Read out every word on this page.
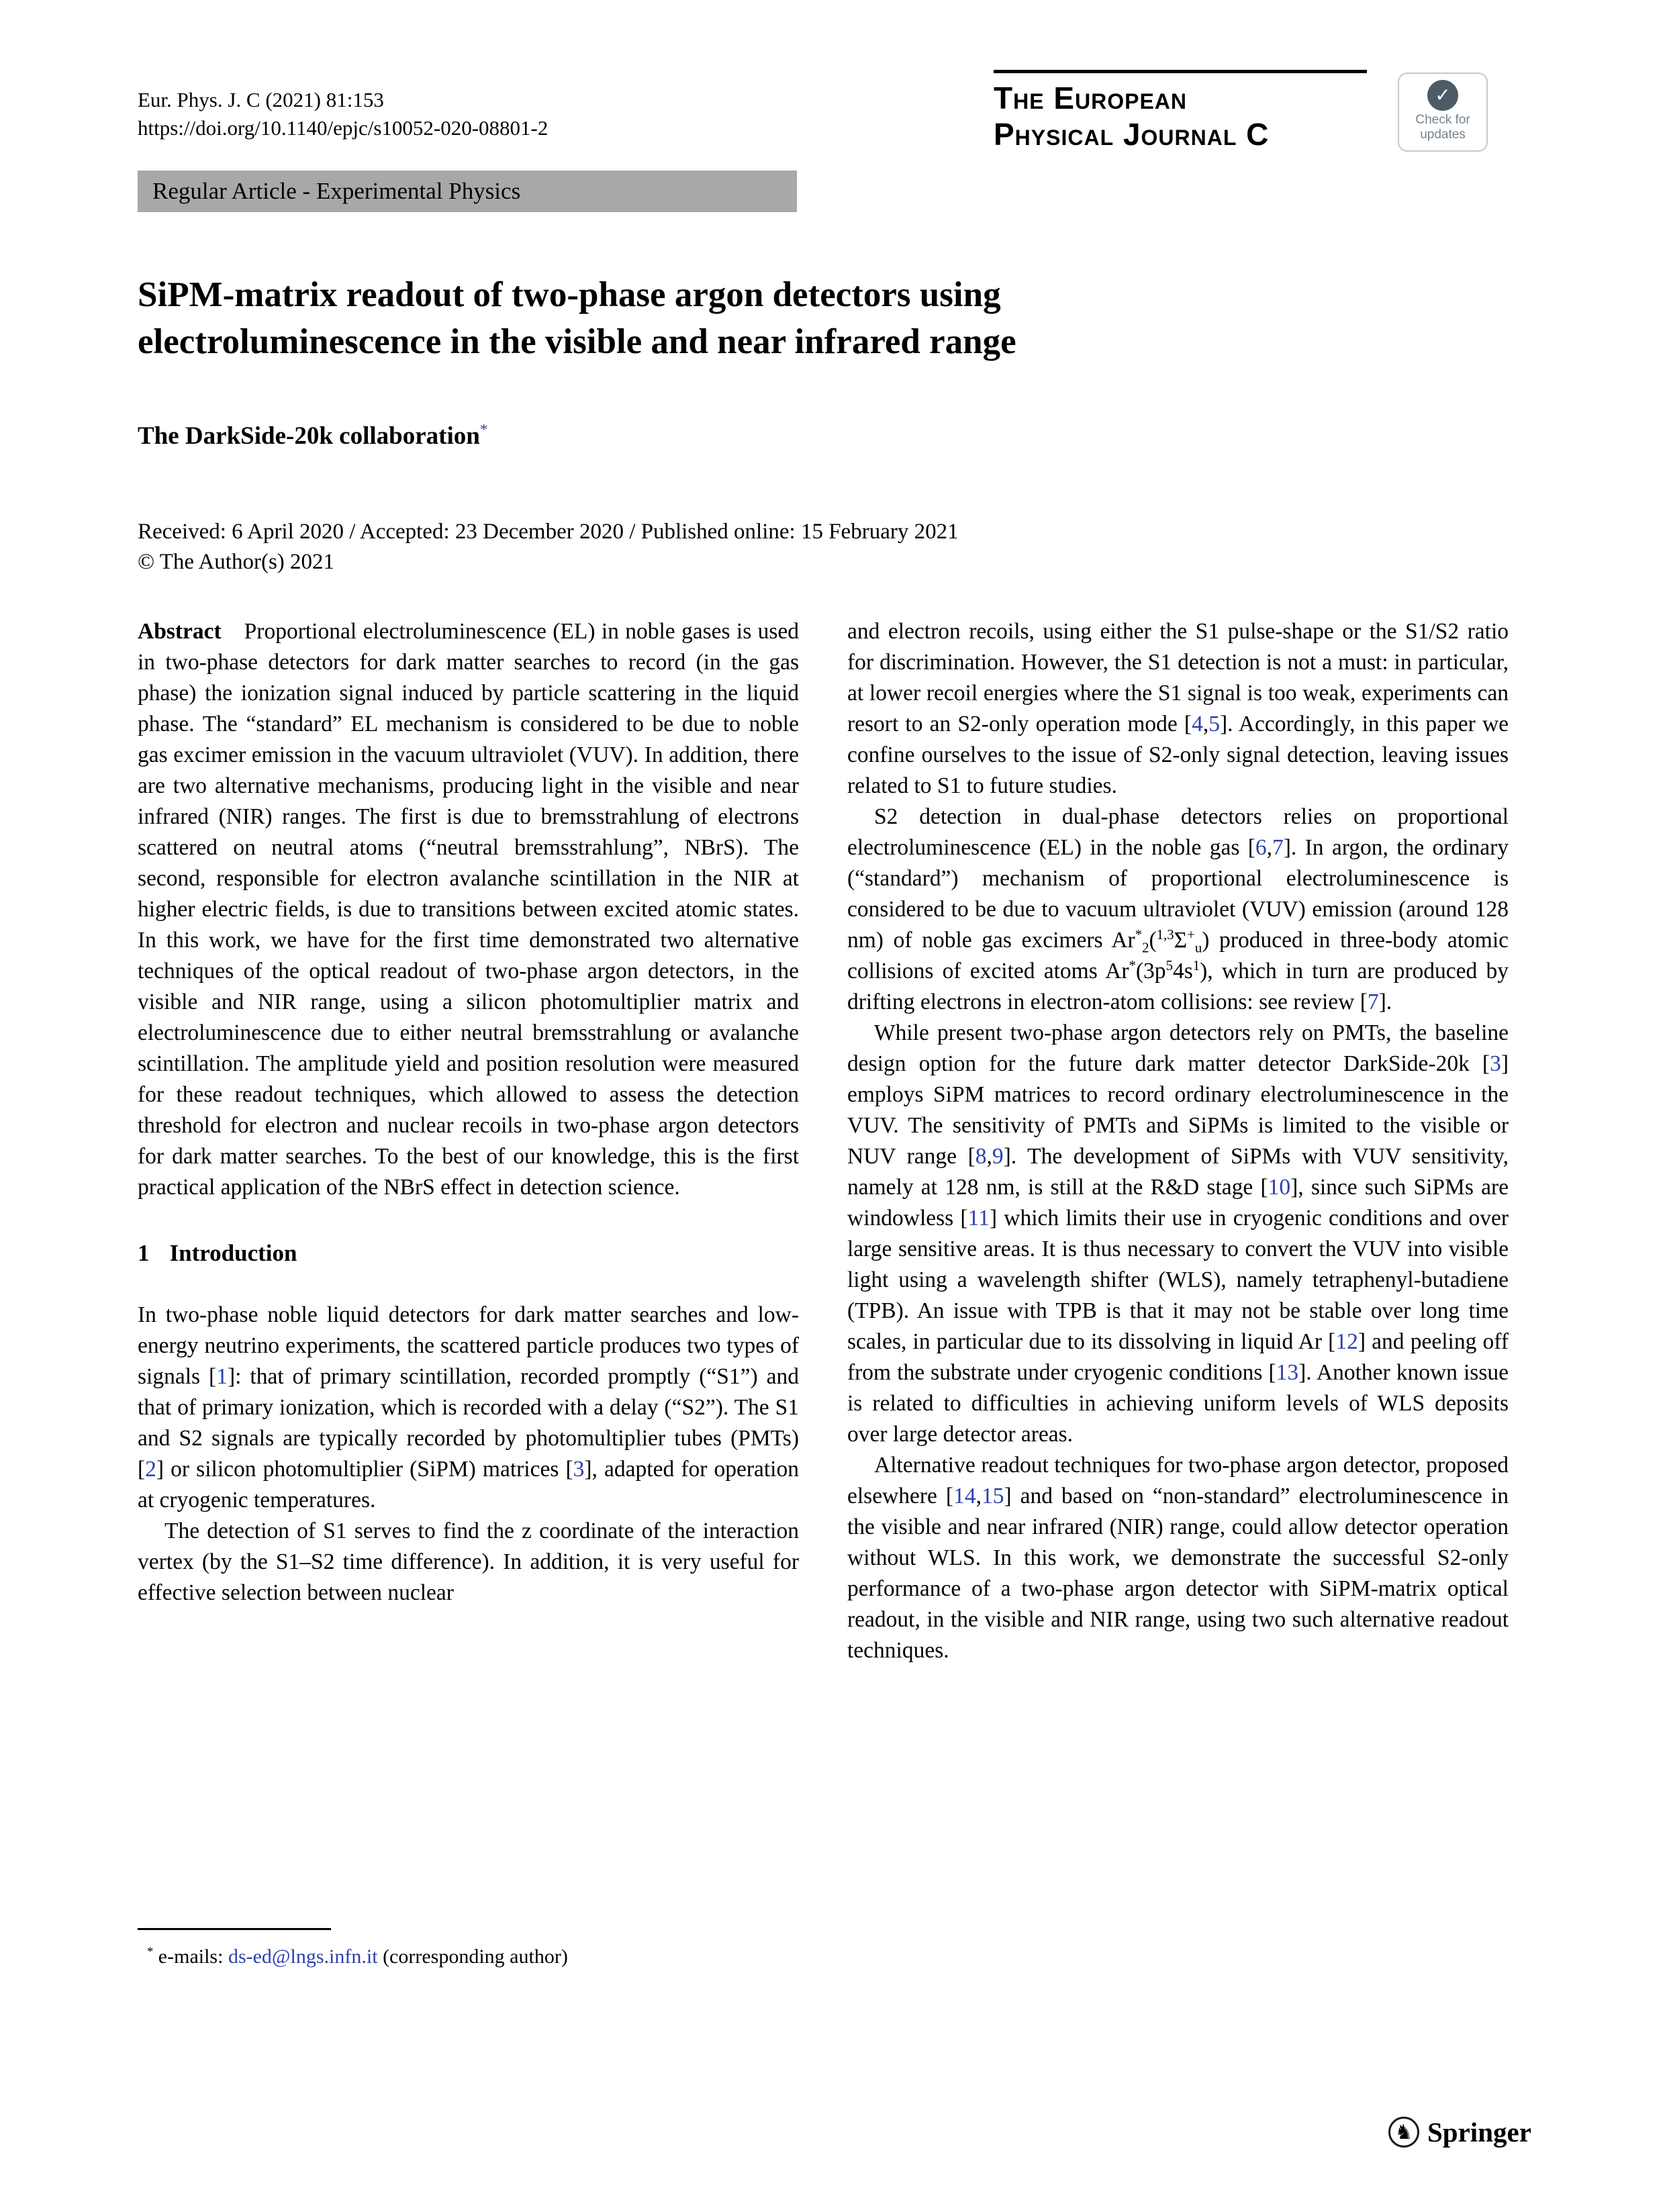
Eur. Phys. J. C (2021) 81:153
https://doi.org/10.1140/epjc/s10052-020-08801-2
The European
Physical Journal C
✓
Check for
updates
Regular Article - Experimental Physics
SiPM-matrix readout of two-phase argon detectors using
electroluminescence in the visible and near infrared range
The DarkSide-20k collaboration*
Received: 6 April 2020 / Accepted: 23 December 2020 / Published online: 15 February 2021
© The Author(s) 2021

Abstract Proportional electroluminescence (EL) in noble gases is used in two-phase detectors for dark matter searches to record (in the gas phase) the ionization signal induced by particle scattering in the liquid phase. The “standard” EL mechanism is considered to be due to noble gas excimer emission in the vacuum ultraviolet (VUV). In addition, there are two alternative mechanisms, producing light in the visible and near infrared (NIR) ranges. The first is due to bremsstrahlung of electrons scattered on neutral atoms (“neutral bremsstrahlung”, NBrS). The second, responsible for electron avalanche scintillation in the NIR at higher electric fields, is due to transitions between excited atomic states. In this work, we have for the first time demonstrated two alternative techniques of the optical readout of two-phase argon detectors, in the visible and NIR range, using a silicon photomultiplier matrix and electroluminescence due to either neutral bremsstrahlung or avalanche scintillation. The amplitude yield and position resolution were measured for these readout techniques, which allowed to assess the detection threshold for electron and nuclear recoils in two-phase argon detectors for dark matter searches. To the best of our knowledge, this is the first practical application of the NBrS effect in detection science.

1 Introduction

In two-phase noble liquid detectors for dark matter searches and low-energy neutrino experiments, the scattered particle produces two types of signals [1]: that of primary scintillation, recorded promptly (“S1”) and that of primary ionization, which is recorded with a delay (“S2”). The S1 and S2 signals are typically recorded by photomultiplier tubes (PMTs) [2] or silicon photomultiplier (SiPM) matrices [3], adapted for operation at cryogenic temperatures.

The detection of S1 serves to find the z coordinate of the interaction vertex (by the S1–S2 time difference). In addition, it is very useful for effective selection between nuclear

and electron recoils, using either the S1 pulse-shape or the S1/S2 ratio for discrimination. However, the S1 detection is not a must: in particular, at lower recoil energies where the S1 signal is too weak, experiments can resort to an S2-only operation mode [4,5]. Accordingly, in this paper we confine ourselves to the issue of S2-only signal detection, leaving issues related to S1 to future studies.

S2 detection in dual-phase detectors relies on proportional electroluminescence (EL) in the noble gas [6,7]. In argon, the ordinary (“standard”) mechanism of proportional electroluminescence is considered to be due to vacuum ultraviolet (VUV) emission (around 128 nm) of noble gas excimers $Ar^*_2(^{1,3}\Sigma^+_u)$ produced in three-body atomic collisions of excited atoms $Ar^*(3p^54s^1)$, which in turn are produced by drifting electrons in electron-atom collisions: see review [7].

While present two-phase argon detectors rely on PMTs, the baseline design option for the future dark matter detector DarkSide-20k [3] employs SiPM matrices to record ordinary electroluminescence in the VUV. The sensitivity of PMTs and SiPMs is limited to the visible or NUV range [8,9]. The development of SiPMs with VUV sensitivity, namely at 128 nm, is still at the R&D stage [10], since such SiPMs are windowless [11] which limits their use in cryogenic conditions and over large sensitive areas. It is thus necessary to convert the VUV into visible light using a wavelength shifter (WLS), namely tetraphenyl-butadiene (TPB). An issue with TPB is that it may not be stable over long time scales, in particular due to its dissolving in liquid Ar [12] and peeling off from the substrate under cryogenic conditions [13]. Another known issue is related to difficulties in achieving uniform levels of WLS deposits over large detector areas.

Alternative readout techniques for two-phase argon detector, proposed elsewhere [14,15] and based on “non-standard” electroluminescence in the visible and near infrared (NIR) range, could allow detector operation without WLS. In this work, we demonstrate the successful S2-only performance of a two-phase argon detector with SiPM-matrix optical readout, in the visible and NIR range, using two such alternative readout techniques.

* e-mails: ds-ed@lngs.infn.it (corresponding author)
♞ Springer
